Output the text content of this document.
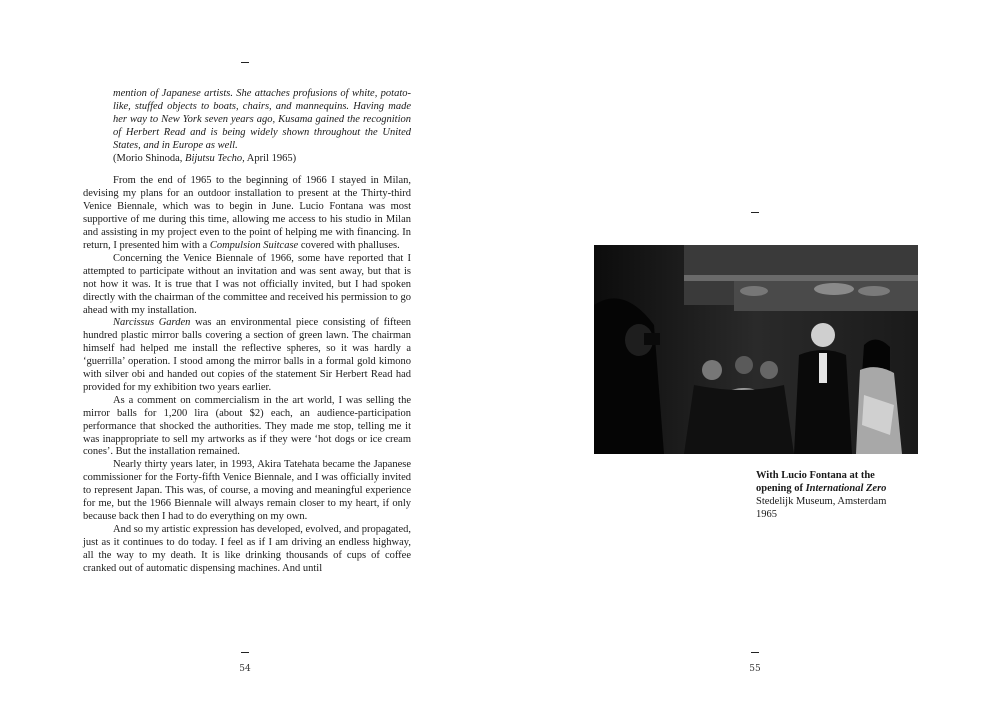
mention of Japanese artists. She attaches profusions of white, potato-like, stuffed objects to boats, chairs, and mannequins. Having made her way to New York seven years ago, Kusama gained the recognition of Herbert Read and is being widely shown throughout the United States, and in Europe as well.
(Morio Shinoda, Bijutsu Techo, April 1965)

From the end of 1965 to the beginning of 1966 I stayed in Milan, devising my plans for an outdoor installation to present at the Thirty-third Venice Biennale, which was to begin in June. Lucio Fontana was most supportive of me during this time, allowing me access to his studio in Milan and assisting in my project even to the point of helping me with financing. In return, I presented him with a Compulsion Suitcase covered with phalluses.

Concerning the Venice Biennale of 1966, some have reported that I attempted to participate without an invitation and was sent away, but that is not how it was. It is true that I was not officially invited, but I had spoken directly with the chairman of the committee and received his permission to go ahead with my installation.

Narcissus Garden was an environmental piece consisting of fifteen hundred plastic mirror balls covering a section of green lawn. The chairman himself had helped me install the reflective spheres, so it was hardly a ‘guerrilla’ operation. I stood among the mirror balls in a formal gold kimono with silver obi and handed out copies of the statement Sir Herbert Read had provided for my exhibition two years earlier.

As a comment on commercialism in the art world, I was selling the mirror balls for 1,200 lira (about $2) each, an audience-participation performance that shocked the authorities. They made me stop, telling me it was inappropriate to sell my artworks as if they were ‘hot dogs or ice cream cones’. But the installation remained.

Nearly thirty years later, in 1993, Akira Tatehata became the Japanese commissioner for the Forty-fifth Venice Biennale, and I was officially invited to represent Japan. This was, of course, a moving and meaningful experience for me, but the 1966 Biennale will always remain closer to my heart, if only because back then I had to do everything on my own.

And so my artistic expression has developed, evolved, and propagated, just as it continues to do today. I feel as if I am driving an endless highway, all the way to my death. It is like drinking thousands of cups of coffee cranked out of automatic dispensing machines. And until

54	55
With Lucio Fontana at the
opening of International Zero
Stedelijk Museum, Amsterdam
1965
